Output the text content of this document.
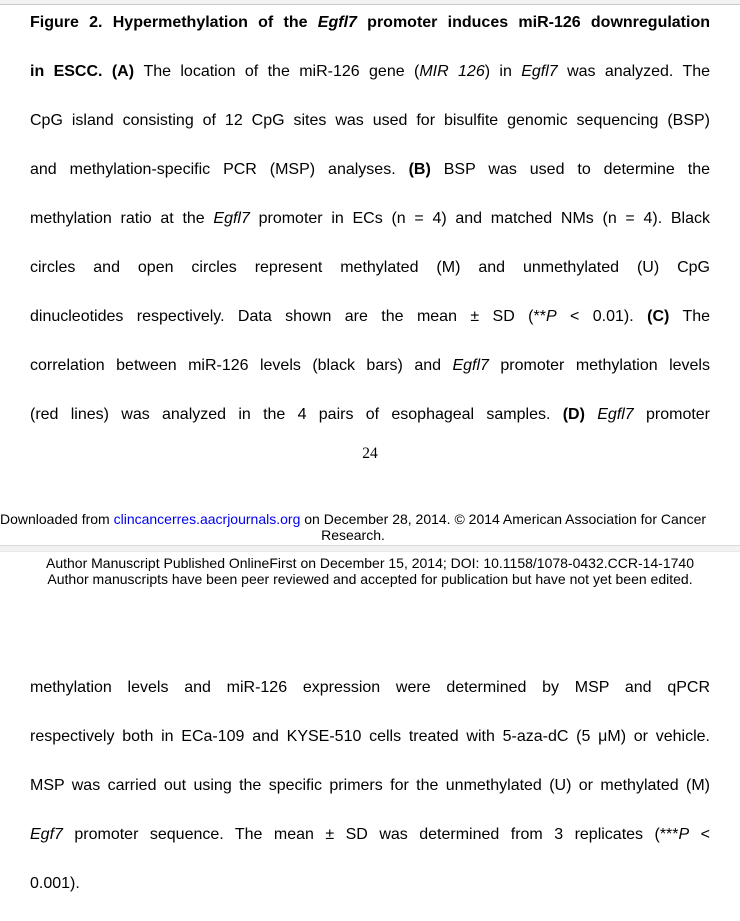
Figure 2. Hypermethylation of the Egfl7 promoter induces miR-126 downregulation
in ESCC. (A) The location of the miR-126 gene (MIR 126) in Egfl7 was analyzed. The
CpG island consisting of 12 CpG sites was used for bisulfite genomic sequencing (BSP)
and methylation-specific PCR (MSP) analyses. (B) BSP was used to determine the
methylation ratio at the Egfl7 promoter in ECs (n = 4) and matched NMs (n = 4). Black
circles and open circles represent methylated (M) and unmethylated (U) CpG
dinucleotides respectively. Data shown are the mean ± SD (**P < 0.01). (C) The
correlation between miR-126 levels (black bars) and Egfl7 promoter methylation levels
(red lines) was analyzed in the 4 pairs of esophageal samples. (D) Egfl7 promoter
24
Downloaded from clincancerres.aacrjournals.org on December 28, 2014. © 2014 American Association for Cancer
Research.
Author Manuscript Published OnlineFirst on December 15, 2014; DOI: 10.1158/1078-0432.CCR-14-1740
Author manuscripts have been peer reviewed and accepted for publication but have not yet been edited.
methylation levels and miR-126 expression were determined by MSP and qPCR
respectively both in ECa-109 and KYSE-510 cells treated with 5-aza-dC (5 μM) or vehicle.
MSP was carried out using the specific primers for the unmethylated (U) or methylated (M)
Egf7 promoter sequence. The mean ± SD was determined from 3 replicates (***P <
0.001).
